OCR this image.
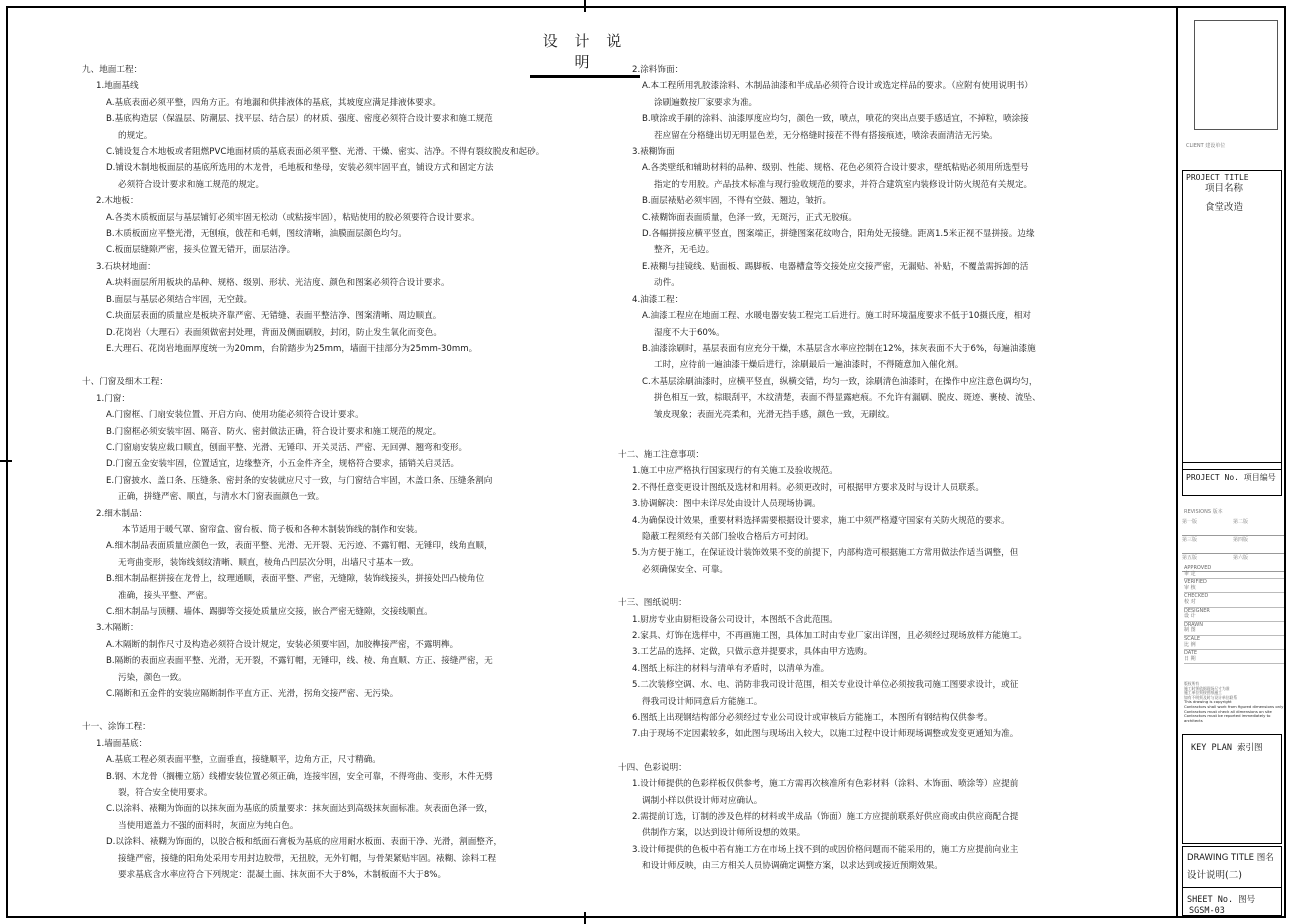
设 计 说 明
九、地面工程：
1.地面基线
A.基底表面必须平整，四角方正。有地漏和供排液体的基底，其坡度应满足排液体要求。
B.基底构造层（保温层、防潮层、找平层、结合层）的材质、强度、密度必须符合设计要求和施工规范
的规定。
C.铺设复合木地板或者阻燃PVC地面材质的基底表面必须平整、光滑、干燥、密实、洁净。不得有裂纹脱皮和起砂。
D.铺设木制地板面层的基底所选用的木龙骨，毛地板和垫母，安装必须牢固平直，铺设方式和固定方法
必须符合设计要求和施工规范的规定。
2.木地板：
A.各类木质板面层与基层铺钉必须牢固无松动（或粘接牢固），粘贴使用的胶必须要符合设计要求。
B.木质板面应平整光滑，无刨痕，戗茬和毛刺，图纹清晰，油膜面层颜色均匀。
C.板面层缝隙严密，接头位置无错开，面层洁净。
3.石块材地面：
A.块料面层所用板块的品种、规格、级别、形状、光洁度、颜色和图案必须符合设计要求。
B.面层与基层必须结合牢固，无空鼓。
C.块面层表面的质量应是板块齐靠严密、无错缝、表面平整洁净、图案清晰、周边顺直。
D.花岗岩（大理石）表面须做密封处理，背面及侧面刷胶，封闭，防止发生氧化而变色。
E.大理石、花岗岩地面厚度统一为20mm，台阶踏步为25mm，墙面干挂部分为25mm-30mm。
十、门窗及细木工程：
1.门窗：
A.门窗框、门扇安装位置、开启方向、使用功能必须符合设计要求。
B.门窗框必须安装牢固、隔音、防火、密封做法正确，符合设计要求和施工规范的规定。
C.门窗扇安装应裁口顺直，刨面平整、光滑、无锤印、开关灵活、严密、无回弹、翘弯和变形。
D.门窗五金安装牢固，位置适宜，边缘整齐，小五金件齐全，规格符合要求，插销关启灵活。
E.门窗披水、盖口条、压缝条、密封条的安装就应尺寸一致，与门窗结合牢固，木盖口条、压缝条割向
正确，拼缝严密、顺直，与清水木门窗表面颜色一致。
2.细木制品：
本节适用于暖气罩、窗帘盒、窗台板、筒子板和各种木制装饰线的制作和安装。
A.细木制品表面质量应颜色一致，表面平整、光滑、无开裂、无污迹、不露钉帽、无锤印，线角直顺，
无弯曲变形，装饰线刻纹清晰、顺直，棱角凸凹层次分明，出墙尺寸基本一致。
B.细木制品框拼接在龙骨上，纹理通顺，表面平整、严密，无缝隙，装饰线接头，拼接处凹凸棱角位
准确，接头平整、严密。
C.细木制品与顶棚、墙体、踢脚等交接处质量应交接，嵌合严密无缝隙，交接线顺直。
3.木隔断：
A.木隔断的制作尺寸及构造必须符合设计规定，安装必须要牢固，加胶榫接严密，不露明榫。
B.隔断的表面应表面平整、光滑，无开裂，不露钉帽，无锤印，线、棱、角直顺、方正、接缝严密，无
污染，颜色一致。
C.隔断和五金件的安装应隔断制作平直方正、光滑，拐角交接严密、无污染。
十一、涂饰工程：
1.墙面基底：
A.基底工程必须表面平整，立面垂直，接缝顺平，边角方正，尺寸精确。
B.钢、木龙骨（搁栅立筋）线槽安装位置必须正确，连接牢固，安全可靠，不得弯曲、变形，木件无劈
裂，符合安全使用要求。
C.以涂料、裱糊为饰面的以抹灰面为基底的质量要求：抹灰面达到高级抹灰面标准。灰表面色泽一致，
当使用遮盖力不强的面料时，灰面应为纯白色。
D.以涂料、裱糊为饰面的，以胶合板和纸面石膏板为基底的应用耐水板面、表面干净、光滑，割面整齐，
接缝严密，接缝的阳角处采用专用封边胶带，无扭胶，无外钉帽，与骨架紧贴牢固。裱糊、涂料工程
要求基底含水率应符合下列规定：混凝土面、抹灰面不大于8%，木制板面不大于8%。
2.涂料饰面：
A.本工程所用乳胶漆涂料、木制品油漆和半成品必须符合设计或选定样品的要求。（应附有使用说明书）
涂刷遍数按厂家要求为准。
B.喷涂或手刷的涂料、油漆厚度应均匀，颜色一致，喷点，喷花的突出点要手感适宜，不掉粒，喷涂接
茬应留在分格缝出切无明显色差，无分格缝时接茬不得有搭接痕迹，喷涂表面清洁无污染。
3.裱糊饰面
A.各类壁纸和辅助材料的品种、级别、性能、规格、花色必须符合设计要求，壁纸粘贴必须用所选型号
指定的专用胶。产品技术标准与现行验收规范的要求，并符合建筑室内装修设计防火规范有关规定。
B.面层裱贴必须牢固，不得有空鼓、翘边，皱折。
C.裱糊饰面表面质量，色泽一致，无斑污，正式无胶痕。
D.各幅拼接应横平竖直，图案端正，拼缝图案花纹吻合，阳角处无接缝。距离1.5米正视不显拼接。边缘
整齐，无毛边。
E.裱糊与挂镜线、贴面板、踢脚板、电器槽盒等交接处应交接严密，无漏贴、补贴，不覆盖需拆卸的活
动件。
4.油漆工程：
A.油漆工程应在地面工程、水暖电器安装工程完工后进行。施工时环境温度要求不低于10摄氏度，相对
湿度不大于60%。
B.油漆涂刷时，基层表面有应充分干燥，木基层含水率应控制在12%，抹灰表面不大于6%，每遍油漆施
工时，应待前一遍油漆干燥后进行，涂刷最后一遍油漆时，不得随意加入催化剂。
C.木基层涂刷油漆时，应横平竖直，纵横交错，均匀一致，涂刷清色油漆时，在操作中应注意色调均匀，
拼色相互一致，棕眼刮平，木纹清楚，表面不得显露疤痕。不允许有漏刷、脱皮、斑迹、裹棱、流坠、
皱皮现象；表面光亮柔和，光滑无挡手感，颜色一致，无刷纹。
十二、施工注意事项：
1.施工中应严格执行国家现行的有关施工及验收规范。
2.不得任意变更设计图纸及选材和用料。必须更改时，可根据甲方要求及时与设计人员联系。
3.协调解决：图中未详尽处由设计人员现场协调。
4.为确保设计效果，重要材料选择需要根据设计要求，施工中须严格遵守国家有关防火规范的要求。
隐蔽工程须经有关部门验收合格后方可封闭。
5.为方便于施工，在保证设计装饰效果不变的前提下，内部构造可根据施工方常用做法作适当调整，但
必须确保安全、可靠。
十三、图纸说明：
1.厨房专业由厨柜设备公司设计，本图纸不含此范围。
2.家具、灯饰在选样中，不再画施工图，具体加工时由专业厂家出详图，且必须经过现场放样方能施工。
3.工艺品的选择、定做，只做示意并提要求，具体由甲方选购。
4.图纸上标注的材料与清单有矛盾时，以清单为准。
5.二次装修空调、水、电、消防非我司设计范围，相关专业设计单位必须按我司施工图要求设计，或征
得我司设计师同意后方能施工。
6.图纸上出现钢结构部分必须经过专业公司设计或审核后方能施工，本图所有钢结构仅供参考。
7.由于现场不定因素较多，如此图与现场出入较大，以施工过程中设计师现场调整或发变更通知为准。
十四、色彩说明：
1.设计师提供的色彩样板仅供参考，施工方需再次核准所有色彩材料（涂料、木饰面、喷涂等）应提前
调制小样以供设计师对应确认。
2.需提前订选，订制的涉及色样的材料或半成品（饰面）施工方应提前联系好供应商或由供应商配合提
供制作方案，以达到设计师所设想的效果。
3.设计师提供的色板中若有施工方在市场上找不到的或因价格问题而不能采用的，施工方应提前向业主
和设计师反映，由三方相关人员协调确定调整方案，以求达到或接近预期效果。
CLIENT 建设单位
PROJECT TITLE
项目名称
食堂改造
PROJECT No. 项目编号
REVISIONS 版本
第一版	第二版
第三版	第四版
第五版	第六版
APPROVED
审 定
VERIFIED
审 核
CHECKED
校 对
DESIGNER
设 计
DRAWN
制 图
SCALE
比 例
DATE
日 期
版权所有
施工时须依据现场尺寸为准
施工单位须按图纸施工
如有不明须及时与设计单位联系
This drawing is copyright
Contractors shall work from figured dimensions only
Contractors must check all dimensions on site
Contractors must be reported immediately to architects
KEY PLAN 索引图
DRAWING TITLE 图名
设计说明(二)
SHEET No. 图号
SGSM-03
